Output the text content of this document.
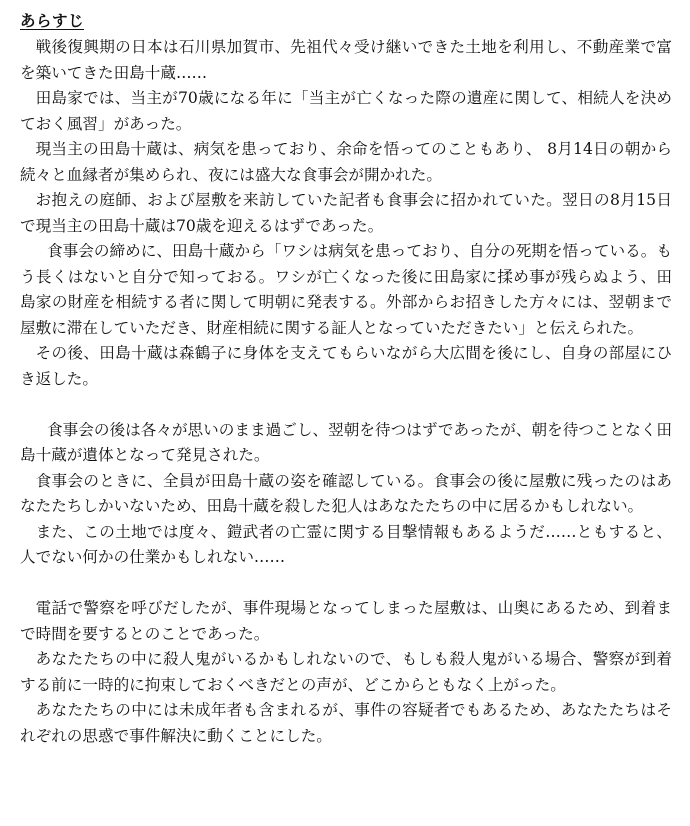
あらすじ

戦後復興期の日本は石川県加賀市、先祖代々受け継いできた土地を利用し、不動産業で富を築いてきた田島十蔵……

田島家では、当主が70歳になる年に「当主が亡くなった際の遺産に関して、相続人を決めておく風習」があった。

現当主の田島十蔵は、病気を患っており、余命を悟ってのこともあり、 8月14日の朝から続々と血縁者が集められ、夜には盛大な食事会が開かれた。

お抱えの庭師、および屋敷を来訪していた記者も食事会に招かれていた。翌日の8月15日で現当主の田島十蔵は70歳を迎えるはずであった。

食事会の締めに、田島十蔵から「ワシは病気を患っており、自分の死期を悟っている。もう長くはないと自分で知っておる。ワシが亡くなった後に田島家に揉め事が残らぬよう、田島家の財産を相続する者に関して明朝に発表する。外部からお招きした方々には、翌朝まで屋敷に滞在していただき、財産相続に関する証人となっていただきたい」と伝えられた。

その後、田島十蔵は森鶴子に身体を支えてもらいながら大広間を後にし、自身の部屋にひき返した。

食事会の後は各々が思いのまま過ごし、翌朝を待つはずであったが、朝を待つことなく田島十蔵が遺体となって発見された。

食事会のときに、全員が田島十蔵の姿を確認している。食事会の後に屋敷に残ったのはあなたたちしかいないため、田島十蔵を殺した犯人はあなたたちの中に居るかもしれない。

また、この土地では度々、鎧武者の亡霊に関する目撃情報もあるようだ……ともすると、人でない何かの仕業かもしれない……

電話で警察を呼びだしたが、事件現場となってしまった屋敷は、山奥にあるため、到着まで時間を要するとのことであった。

あなたたちの中に殺人鬼がいるかもしれないので、もしも殺人鬼がいる場合、警察が到着する前に一時的に拘束しておくべきだとの声が、どこからともなく上がった。

あなたたちの中には未成年者も含まれるが、事件の容疑者でもあるため、あなたたちはそれぞれの思惑で事件解決に動くことにした。
